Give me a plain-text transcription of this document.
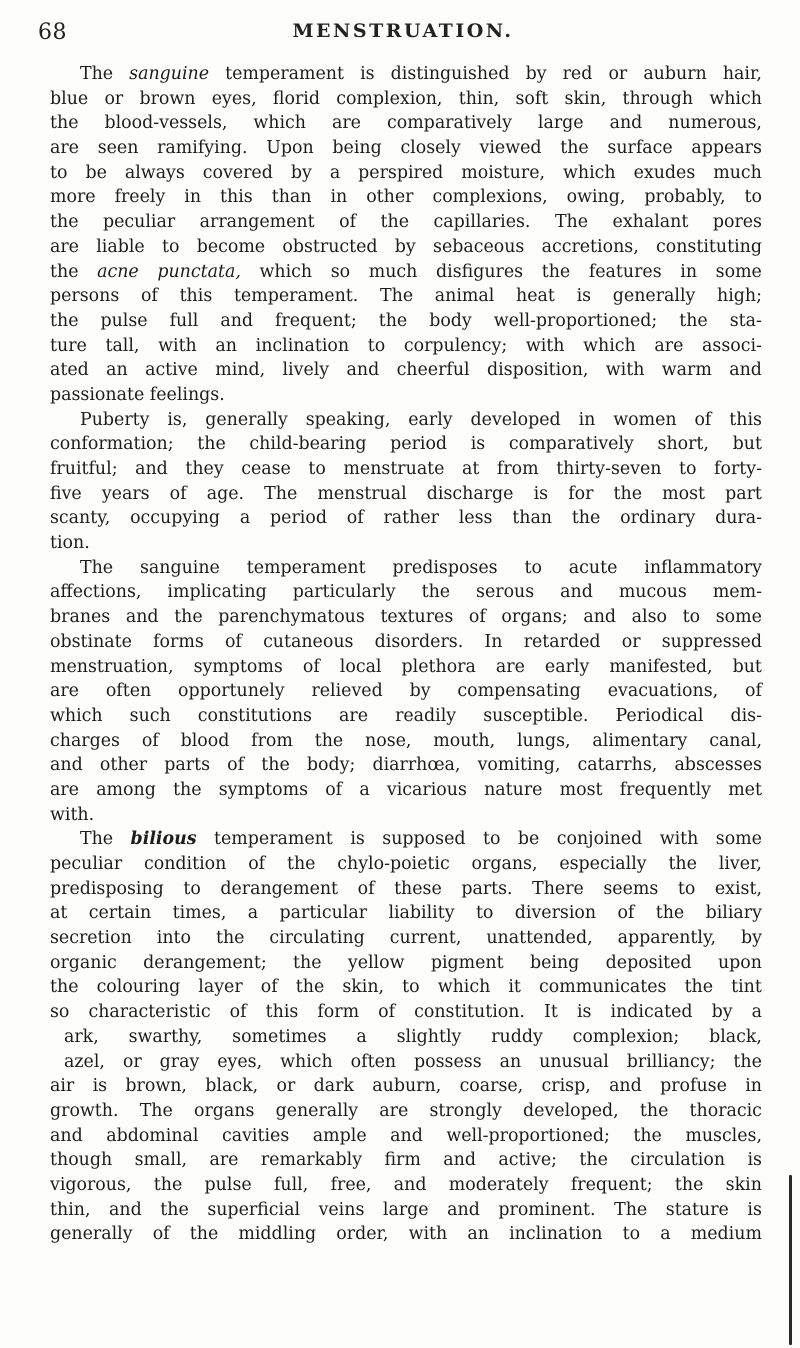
68	MENSTRUATION.
The sanguine temperament is distinguished by red or auburn hair,
blue or brown eyes, florid complexion, thin, soft skin, through which
the blood-vessels, which are comparatively large and numerous,
are seen ramifying. Upon being closely viewed the surface appears
to be always covered by a perspired moisture, which exudes much
more freely in this than in other complexions, owing, probably, to
the peculiar arrangement of the capillaries. The exhalant pores
are liable to become obstructed by sebaceous accretions, constituting
the acne punctata, which so much disfigures the features in some
persons of this temperament. The animal heat is generally high;
the pulse full and frequent; the body well-proportioned; the sta-
ture tall, with an inclination to corpulency; with which are associ-
ated an active mind, lively and cheerful disposition, with warm and
passionate feelings.
Puberty is, generally speaking, early developed in women of this
conformation; the child-bearing period is comparatively short, but
fruitful; and they cease to menstruate at from thirty-seven to forty-
five years of age. The menstrual discharge is for the most part
scanty, occupying a period of rather less than the ordinary dura-
tion.
The sanguine temperament predisposes to acute inflammatory
affections, implicating particularly the serous and mucous mem-
branes and the parenchymatous textures of organs; and also to some
obstinate forms of cutaneous disorders. In retarded or suppressed
menstruation, symptoms of local plethora are early manifested, but
are often opportunely relieved by compensating evacuations, of
which such constitutions are readily susceptible. Periodical dis-
charges of blood from the nose, mouth, lungs, alimentary canal,
and other parts of the body; diarrhœa, vomiting, catarrhs, abscesses
are among the symptoms of a vicarious nature most frequently met
with.
The bilious temperament is supposed to be conjoined with some
peculiar condition of the chylo-poietic organs, especially the liver,
predisposing to derangement of these parts. There seems to exist,
at certain times, a particular liability to diversion of the biliary
secretion into the circulating current, unattended, apparently, by
organic derangement; the yellow pigment being deposited upon
the colouring layer of the skin, to which it communicates the tint
so characteristic of this form of constitution. It is indicated by a
ark, swarthy, sometimes a slightly ruddy complexion; black,
azel, or gray eyes, which often possess an unusual brilliancy; the
air is brown, black, or dark auburn, coarse, crisp, and profuse in
growth. The organs generally are strongly developed, the thoracic
and abdominal cavities ample and well-proportioned; the muscles,
though small, are remarkably firm and active; the circulation is
vigorous, the pulse full, free, and moderately frequent; the skin
thin, and the superficial veins large and prominent. The stature is
generally of the middling order, with an inclination to a medium
